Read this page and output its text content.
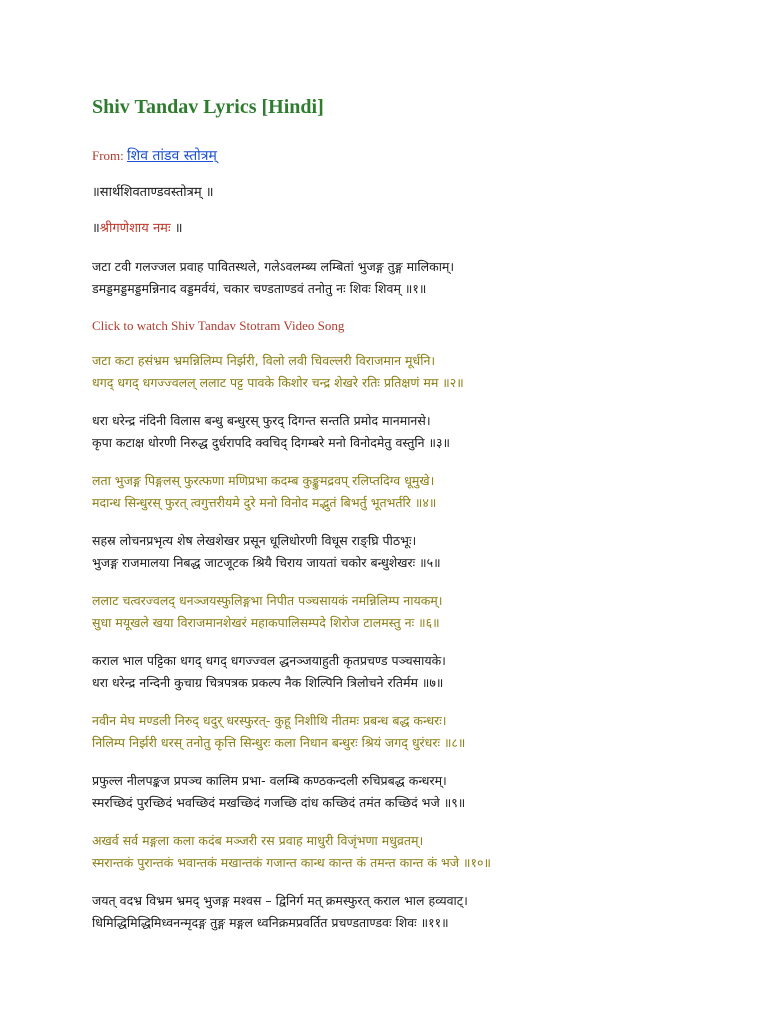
Shiv Tandav Lyrics [Hindi]
From: शिव तांडव स्तोत्रम्
॥सार्थशिवताण्डवस्तोत्रम् ॥
॥श्रीगणेशाय नमः ॥
जटा टवी गलज्जल प्रवाह पावितस्थले, गलेऽवलम्ब्य लम्बितां भुजङ्ग तुङ्ग मालिकाम्।
डमड्डमड्डमड्डमन्निनाद वड्डमर्वयं, चकार चण्डताण्डवं तनोतु नः शिवः शिवम् ॥१॥
Click to watch Shiv Tandav Stotram Video Song
जटा कटा हसंभ्रम भ्रमन्निलिम्प निर्झरी, विलो लवी चिवल्लरी विराजमान मूर्धनि।
धगद् धगद् धगज्ज्वलल् ललाट पट्ट पावके किशोर चन्द्र शेखरे रतिः प्रतिक्षणं मम ॥२॥
धरा धरेन्द्र नंदिनी विलास बन्धु बन्धुरस् फुरद् दिगन्त सन्तति प्रमोद मानमानसे।
कृपा कटाक्ष धोरणी निरुद्ध दुर्धरापदि क्वचिद् दिगम्बरे मनो विनोदमेतु वस्तुनि ॥३॥
लता भुजङ्ग पिङ्गलस् फुरत्फणा मणिप्रभा कदम्ब कुङ्कुमद्रवप् रलिप्तदिग्व धूमुखे।
मदान्ध सिन्धुरस् फुरत् त्वगुत्तरीयमे दुरे मनो विनोद मद्भुतं बिभर्तु भूतभर्तरि ॥४॥
सहस्र लोचनप्रभृत्य शेष लेखशेखर प्रसून धूलिधोरणी विधूस राङ्घ्रि पीठभूः।
भुजङ्ग राजमालया निबद्ध जाटजूटक श्रियै चिराय जायतां चकोर बन्धुशेखरः ॥५॥
ललाट चत्वरज्वलद् धनञ्जयस्फुलिङ्गभा निपीत पञ्चसायकं नमन्निलिम्प नायकम्।
सुधा मयूखले खया विराजमानशेखरं महाकपालिसम्पदे शिरोज टालमस्तु नः ॥६॥
कराल भाल पट्टिका धगद् धगद् धगज्ज्वल द्धनञ्जयाहुती कृतप्रचण्ड पञ्चसायके।
धरा धरेन्द्र नन्दिनी कुचाग्र चित्रपत्रक प्रकल्प नैक शिल्पिनि त्रिलोचने रतिर्मम ॥७॥
नवीन मेघ मण्डली निरुद् धदुर् धरस्फुरत्- कुहू निशीथि नीतमः प्रबन्ध बद्ध कन्धरः।
निलिम्प निर्झरी धरस् तनोतु कृत्ति सिन्धुरः कला निधान बन्धुरः श्रियं जगद् धुरंधरः ॥८॥
प्रफुल्ल नीलपङ्कज प्रपञ्च कालिम प्रभा- वलम्बि कण्ठकन्दली रुचिप्रबद्ध कन्धरम्।
स्मरच्छिदं पुरच्छिदं भवच्छिदं मखच्छिदं गजच्छि दांध कच्छिदं तमंत कच्छिदं भजे ॥९॥
अखर्व सर्व मङ्गला कला कदंब मञ्जरी रस प्रवाह माधुरी विजृंभणा मधुव्रतम्।
स्मरान्तकं पुरान्तकं भवान्तकं मखान्तकं गजान्त कान्ध कान्त कं तमन्त कान्त कं भजे ॥१०॥
जयत् वदभ्र विभ्रम भ्रमद् भुजङ्ग मश्वस – द्विनिर्ग मत् क्रमस्फुरत् कराल भाल हव्यवाट्।
धिमिद्धिमिद्धिमिध्वनन्मृदङ्ग तुङ्ग मङ्गल ध्वनिक्रमप्रवर्तित प्रचण्डताण्डवः शिवः ॥११॥
